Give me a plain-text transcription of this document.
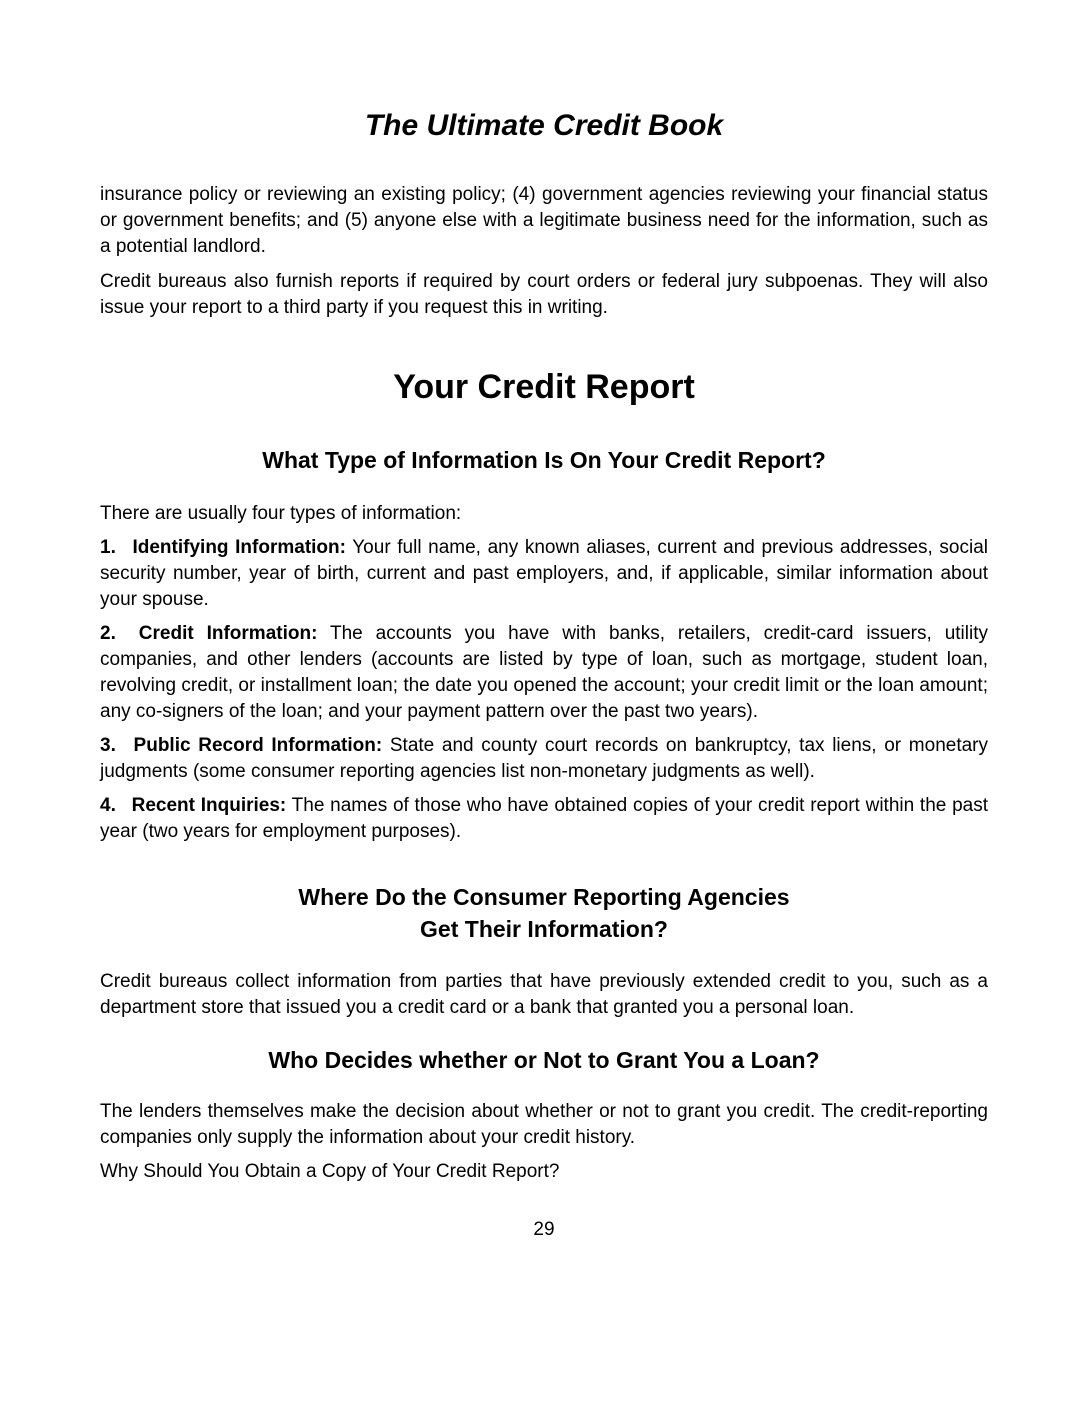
The Ultimate Credit Book

insurance policy or reviewing an existing policy; (4) government agencies reviewing your financial status or government benefits; and (5) anyone else with a legitimate business need for the information, such as a potential landlord.

Credit bureaus also furnish reports if required by court orders or federal jury subpoenas. They will also issue your report to a third party if you request this in writing.

Your Credit Report
What Type of Information Is On Your Credit Report?

There are usually four types of information:

1. Identifying Information: Your full name, any known aliases, current and previous addresses, social security number, year of birth, current and past employers, and, if applicable, similar information about your spouse.

2. Credit Information: The accounts you have with banks, retailers, credit-card issuers, utility companies, and other lenders (accounts are listed by type of loan, such as mortgage, student loan, revolving credit, or installment loan; the date you opened the account; your credit limit or the loan amount; any co-signers of the loan; and your payment pattern over the past two years).

3. Public Record Information: State and county court records on bankruptcy, tax liens, or monetary judgments (some consumer reporting agencies list non-monetary judgments as well).

4. Recent Inquiries: The names of those who have obtained copies of your credit report within the past year (two years for employment purposes).

Where Do the Consumer Reporting Agencies
Get Their Information?

Credit bureaus collect information from parties that have previously extended credit to you, such as a department store that issued you a credit card or a bank that granted you a personal loan.

Who Decides whether or Not to Grant You a Loan?

The lenders themselves make the decision about whether or not to grant you credit. The credit-reporting companies only supply the information about your credit history.

Why Should You Obtain a Copy of Your Credit Report?

29
